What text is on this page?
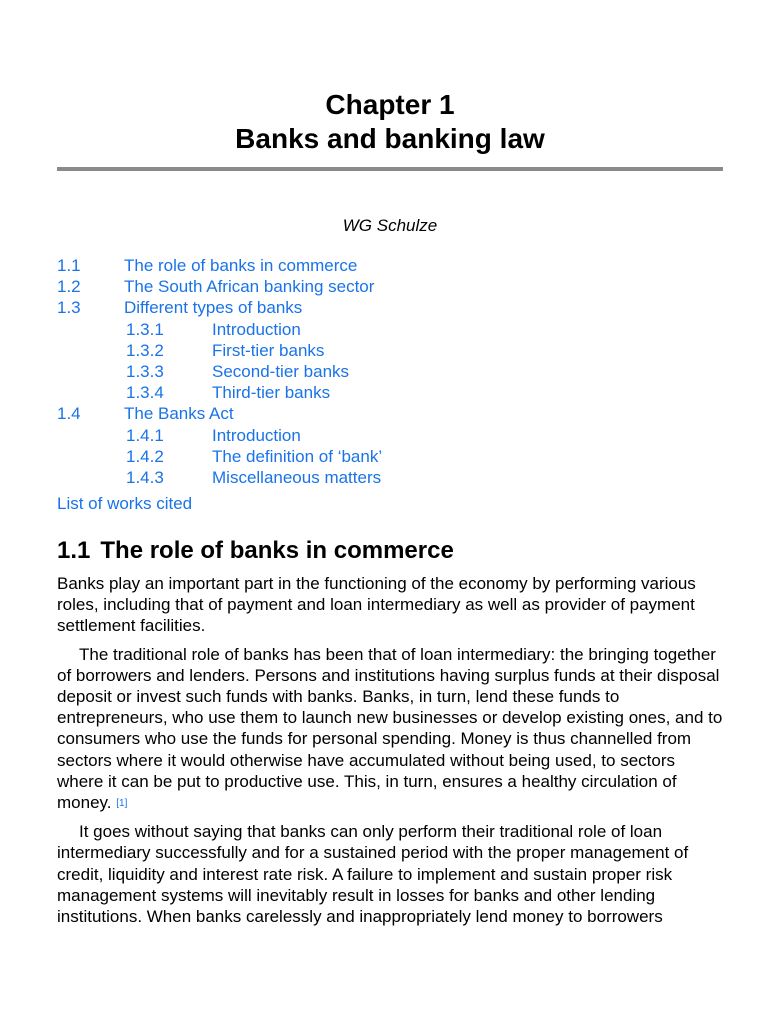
Chapter 1
Banks and banking law
WG Schulze
1.1	The role of banks in commerce
1.2	The South African banking sector
1.3	Different types of banks
1.3.1	Introduction
1.3.2	First-tier banks
1.3.3	Second-tier banks
1.3.4	Third-tier banks
1.4	The Banks Act
1.4.1	Introduction
1.4.2	The definition of ‘bank’
1.4.3	Miscellaneous matters
List of works cited
1.1 The role of banks in commerce

Banks play an important part in the functioning of the economy by performing various roles, including that of payment and loan intermediary as well as provider of payment settlement facilities.

The traditional role of banks has been that of loan intermediary: the bringing together of borrowers and lenders. Persons and institutions having surplus funds at their disposal deposit or invest such funds with banks. Banks, in turn, lend these funds to entrepreneurs, who use them to launch new businesses or develop existing ones, and to consumers who use the funds for personal spending. Money is thus channelled from sectors where it would otherwise have accumulated without being used, to sectors where it can be put to productive use. This, in turn, ensures a healthy circulation of money. [1]

It goes without saying that banks can only perform their traditional role of loan intermediary successfully and for a sustained period with the proper management of credit, liquidity and interest rate risk. A failure to implement and sustain proper risk management systems will inevitably result in losses for banks and other lending institutions. When banks carelessly and inappropriately lend money to borrowers
